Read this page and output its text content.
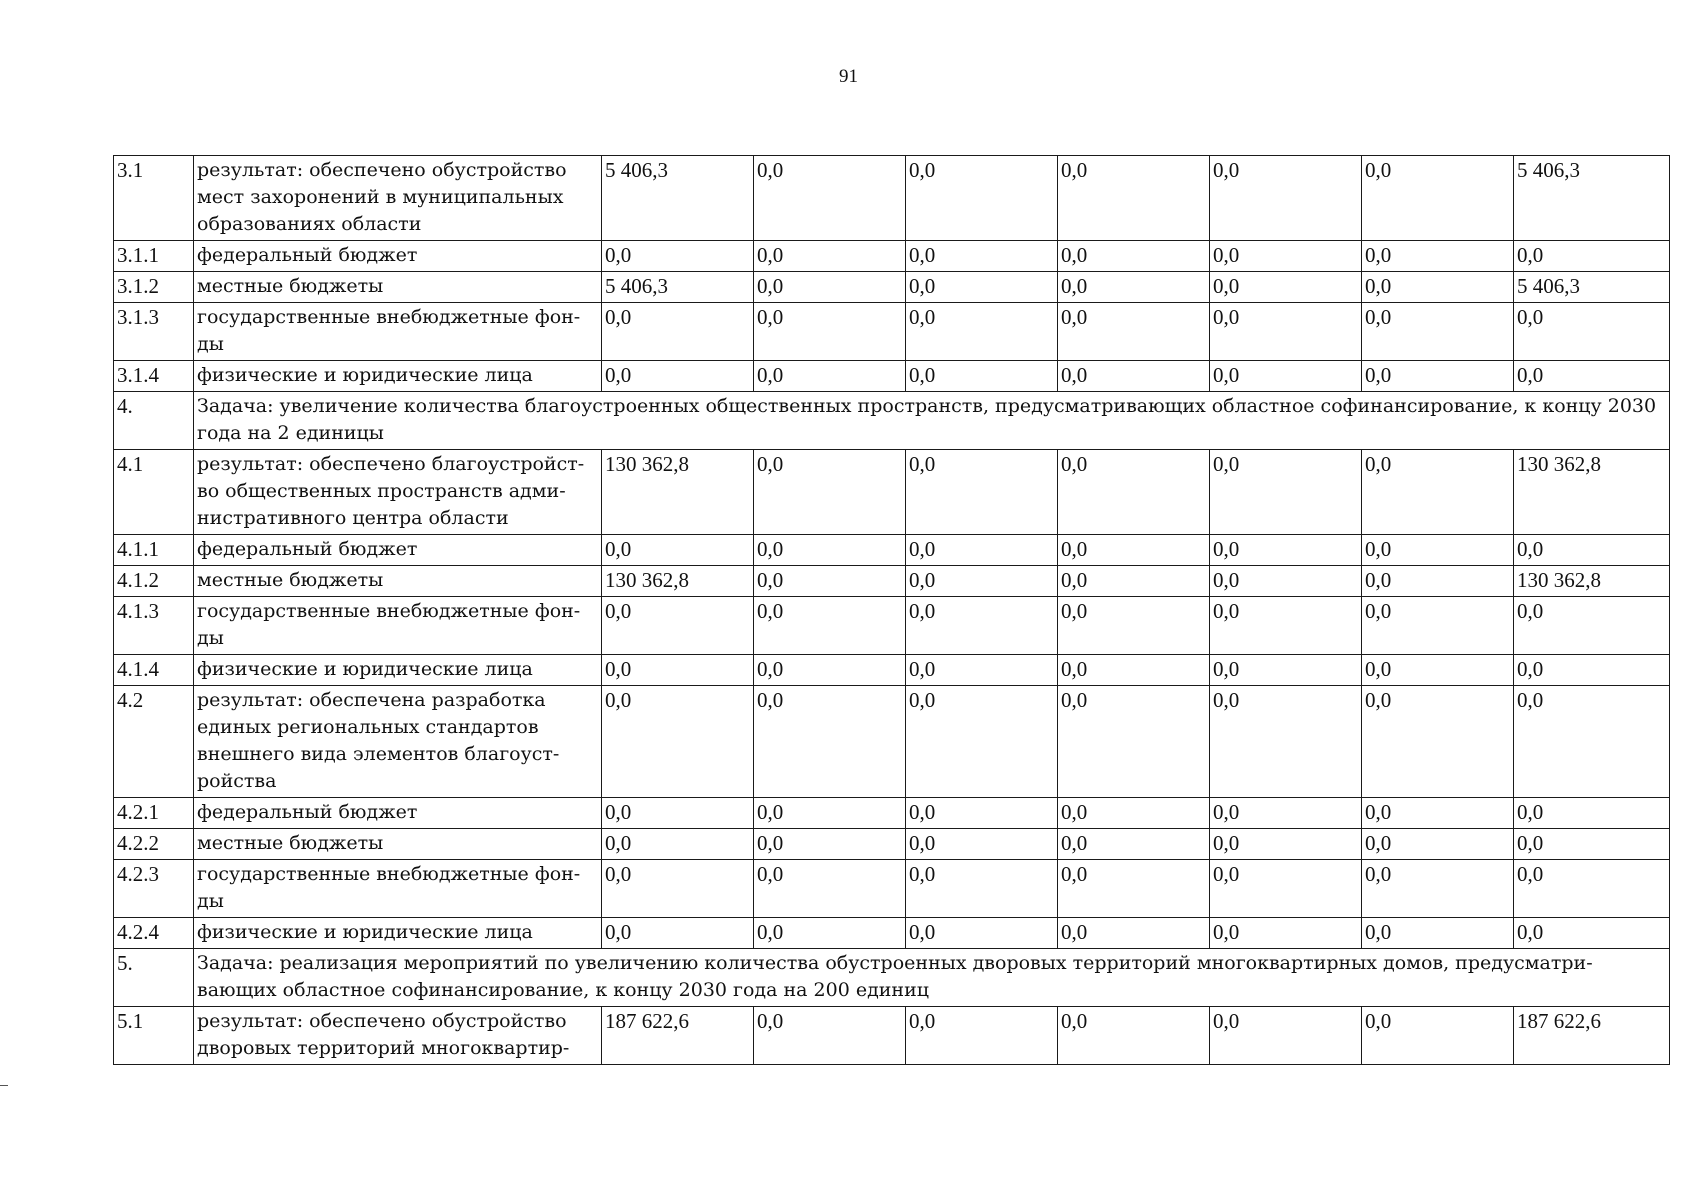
91
3.1	результат: обеспечено обустройство мест захоронений в муниципальных образованиях области	5 406,3	0,0	0,0	0,0	0,0	0,0	5 406,3
3.1.1	федеральный бюджет	0,0	0,0	0,0	0,0	0,0	0,0	0,0
3.1.2	местные бюджеты	5 406,3	0,0	0,0	0,0	0,0	0,0	5 406,3
3.1.3	государственные внебюджетные фон-ды	0,0	0,0	0,0	0,0	0,0	0,0	0,0
3.1.4	физические и юридические лица	0,0	0,0	0,0	0,0	0,0	0,0	0,0
4.	Задача: увеличение количества благоустроенных общественных пространств, предусматривающих областное софинансирование, к концу 2030 года на 2 единицы							
4.1	результат: обеспечено благоустройст-во общественных пространств адми-нистративного центра области	130 362,8	0,0	0,0	0,0	0,0	0,0	130 362,8
4.1.1	федеральный бюджет	0,0	0,0	0,0	0,0	0,0	0,0	0,0
4.1.2	местные бюджеты	130 362,8	0,0	0,0	0,0	0,0	0,0	130 362,8
4.1.3	государственные внебюджетные фон-ды	0,0	0,0	0,0	0,0	0,0	0,0	0,0
4.1.4	физические и юридические лица	0,0	0,0	0,0	0,0	0,0	0,0	0,0
4.2	результат: обеспечена разработка единых региональных стандартов внешнего вида элементов благоуст-ройства	0,0	0,0	0,0	0,0	0,0	0,0	0,0
4.2.1	федеральный бюджет	0,0	0,0	0,0	0,0	0,0	0,0	0,0
4.2.2	местные бюджеты	0,0	0,0	0,0	0,0	0,0	0,0	0,0
4.2.3	государственные внебюджетные фон-ды	0,0	0,0	0,0	0,0	0,0	0,0	0,0
4.2.4	физические и юридические лица	0,0	0,0	0,0	0,0	0,0	0,0	0,0
5.	Задача: реализация мероприятий по увеличению количества обустроенных дворовых территорий многоквартирных домов, предусматри-вающих областное софинансирование, к концу 2030 года на 200 единиц							
5.1	результат: обеспечено обустройство дворовых территорий многоквартир-	187 622,6	0,0	0,0	0,0	0,0	0,0	187 622,6
